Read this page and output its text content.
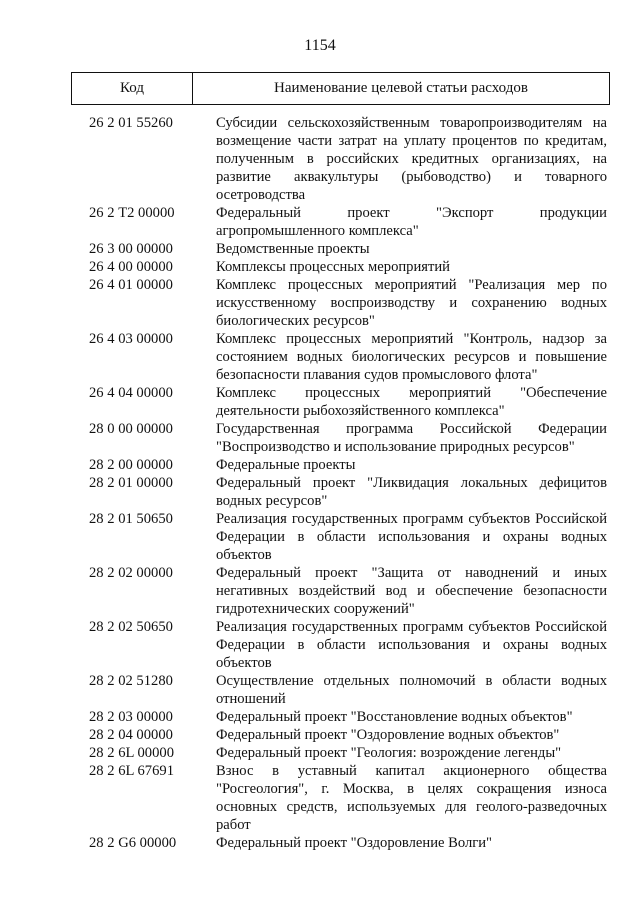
1154
Код	Наименование целевой статьи расходов
26 2 01 55260	Субсидии сельскохозяйственным товаропроизводителям на возмещение части затрат на уплату процентов по кредитам, полученным в российских кредитных организациях, на развитие аквакультуры (рыбоводство) и товарного осетроводства
26 2 Т2 00000	Федеральный проект "Экспорт продукции агропромышленного комплекса"
26 3 00 00000	Ведомственные проекты
26 4 00 00000	Комплексы процессных мероприятий
26 4 01 00000	Комплекс процессных мероприятий "Реализация мер по искусственному воспроизводству и сохранению водных биологических ресурсов"
26 4 03 00000	Комплекс процессных мероприятий "Контроль, надзор за состоянием водных биологических ресурсов и повышение безопасности плавания судов промыслового флота"
26 4 04 00000	Комплекс процессных мероприятий "Обеспечение деятельности рыбохозяйственного комплекса"
28 0 00 00000	Государственная программа Российской Федерации "Воспроизводство и использование природных ресурсов"
28 2 00 00000	Федеральные проекты
28 2 01 00000	Федеральный проект "Ликвидация локальных дефицитов водных ресурсов"
28 2 01 50650	Реализация государственных программ субъектов Российской Федерации в области использования и охраны водных объектов
28 2 02 00000	Федеральный проект "Защита от наводнений и иных негативных воздействий вод и обеспечение безопасности гидротехнических сооружений"
28 2 02 50650	Реализация государственных программ субъектов Российской Федерации в области использования и охраны водных объектов
28 2 02 51280	Осуществление отдельных полномочий в области водных отношений
28 2 03 00000	Федеральный проект "Восстановление водных объектов"
28 2 04 00000	Федеральный проект "Оздоровление водных объектов"
28 2 6L 00000	Федеральный проект "Геология: возрождение легенды"
28 2 6L 67691	Взнос в уставный капитал акционерного общества "Росгеология", г. Москва, в целях сокращения износа основных средств, используемых для геолого-разведочных работ
28 2 G6 00000	Федеральный проект "Оздоровление Волги"
